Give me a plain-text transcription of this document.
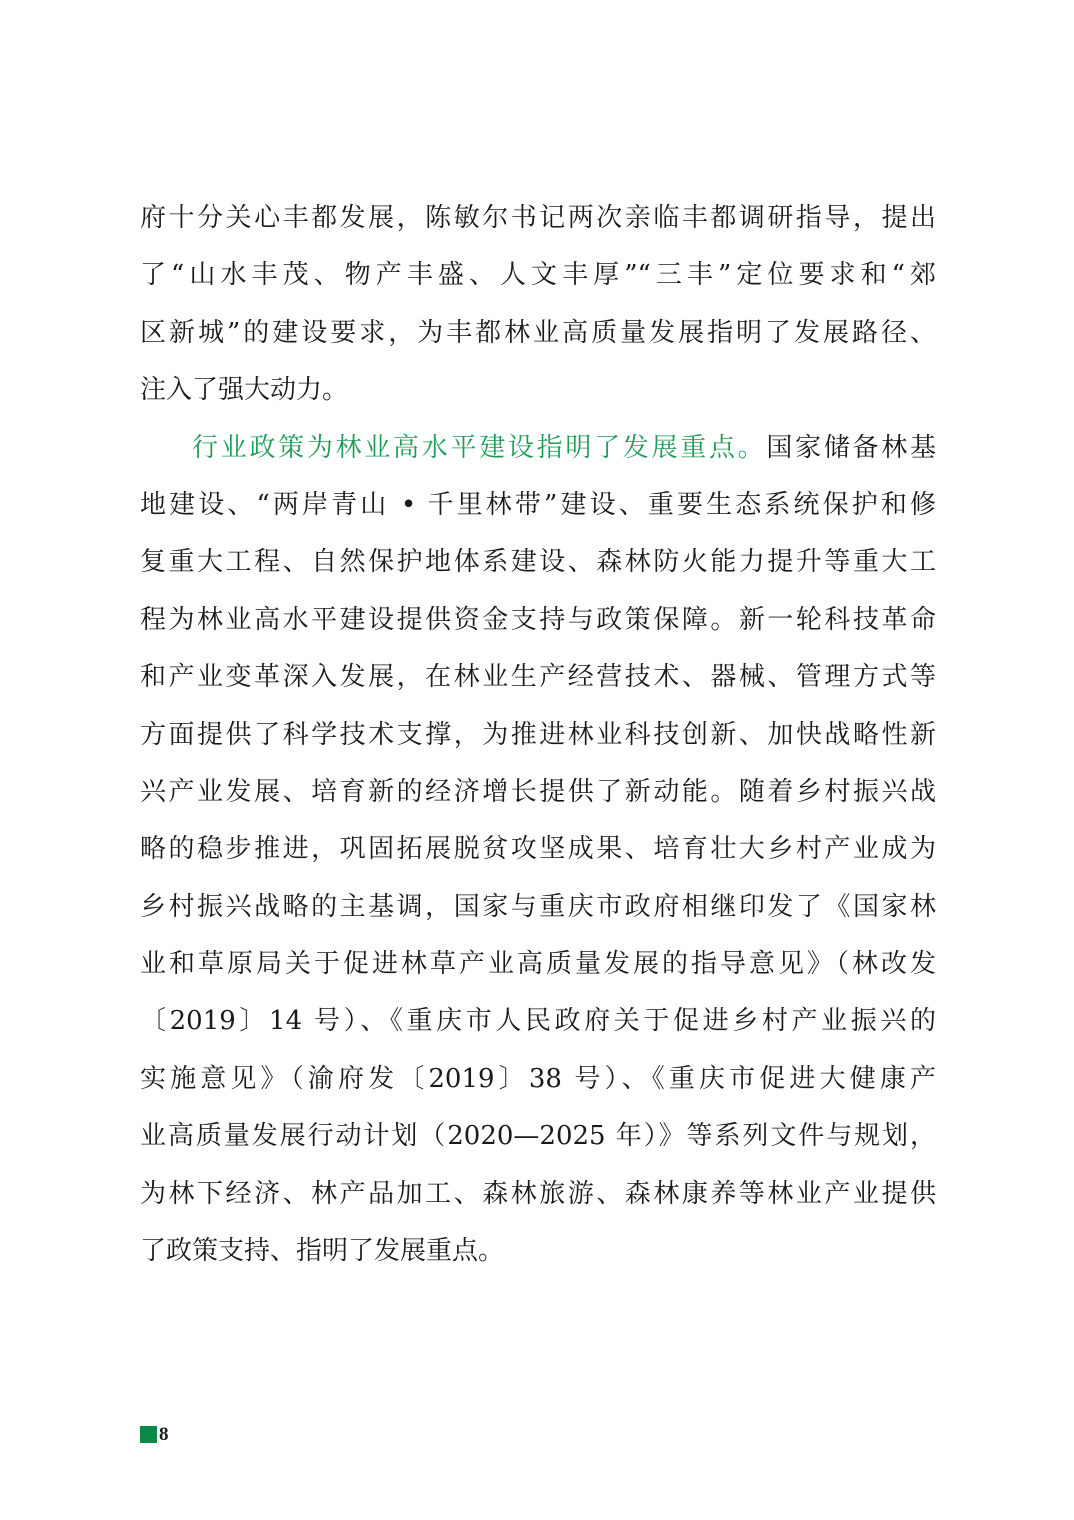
府十分关心丰都发展，陈敏尔书记两次亲临丰都调研指导，提出
了“山水丰茂、物产丰盛、人文丰厚”“三丰”定位要求和“郊
区新城”的建设要求，为丰都林业高质量发展指明了发展路径、
注入了强大动力。
行业政策为林业高水平建设指明了发展重点。国家储备林基
地建设、“两岸青山 • 千里林带”建设、重要生态系统保护和修
复重大工程、自然保护地体系建设、森林防火能力提升等重大工
程为林业高水平建设提供资金支持与政策保障。新一轮科技革命
和产业变革深入发展，在林业生产经营技术、器械、管理方式等
方面提供了科学技术支撑，为推进林业科技创新、加快战略性新
兴产业发展、培育新的经济增长提供了新动能。随着乡村振兴战
略的稳步推进，巩固拓展脱贫攻坚成果、培育壮大乡村产业成为
乡村振兴战略的主基调，国家与重庆市政府相继印发了《国家林
业和草原局关于促进林草产业高质量发展的指导意见》（林改发
〔2019〕14 号）、《重庆市人民政府关于促进乡村产业振兴的
实施意见》（渝府发〔2019〕38 号）、《重庆市促进大健康产
业高质量发展行动计划（2020—2025 年）》等系列文件与规划，
为林下经济、林产品加工、森林旅游、森林康养等林业产业提供
了政策支持、指明了发展重点。
8
